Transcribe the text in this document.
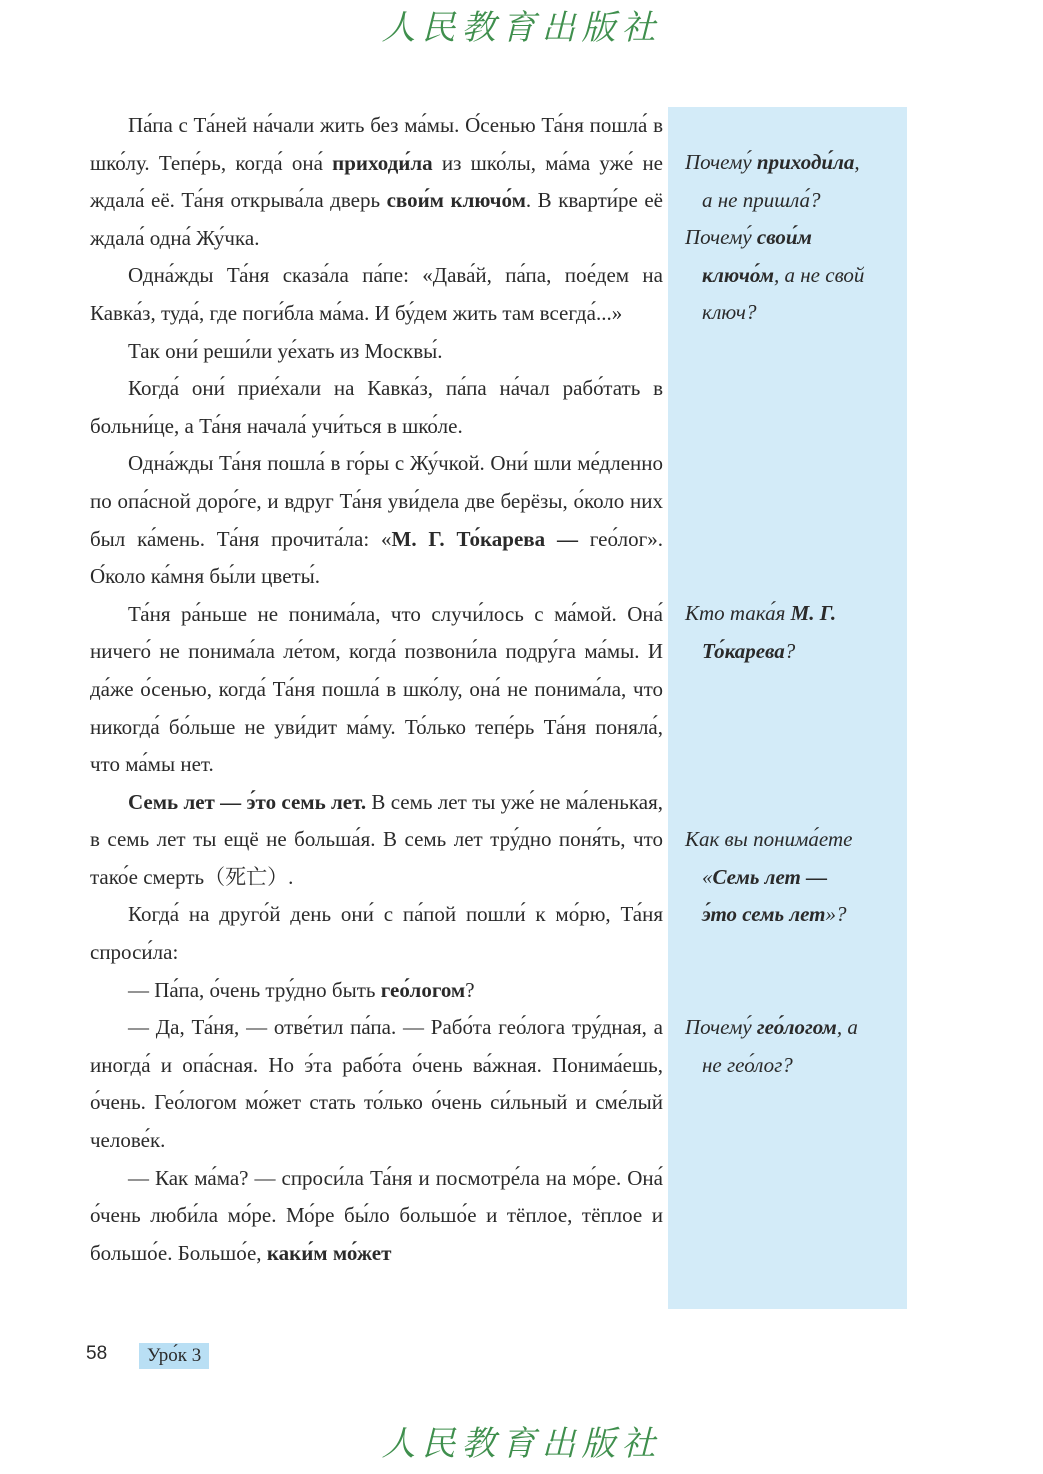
人民教育出版社

Па́па с Та́ней на́чали жить без ма́мы. О́сенью Та́ня пошла́ в шко́лу. Тепе́рь, когда́ она́ приходи́ла из шко́лы, ма́ма уже́ не ждала́ её. Та́ня открыва́ла дверь свои́м ключо́м. В кварти́ре её ждала́ одна́ Жу́чка.

Одна́жды Та́ня сказа́ла па́пе: «Дава́й, па́па, пое́дем на Кавка́з, туда́, где поги́бла ма́ма. И бу́дем жить там всегда́...»

Так они́ реши́ли уе́хать из Москвы́.

Когда́ они́ прие́хали на Кавка́з, па́па на́чал рабо́тать в больни́це, а Та́ня начала́ учи́ться в шко́ле.

Одна́жды Та́ня пошла́ в го́ры с Жу́чкой. Они́ шли ме́дленно по опа́сной доро́ге, и вдруг Та́ня уви́дела две берёзы, о́коло них был ка́мень. Та́ня прочита́ла: «М. Г. То́карева — гео́лог». О́коло ка́мня бы́ли цветы́.

Та́ня ра́ньше не понима́ла, что случи́лось с ма́мой. Она́ ничего́ не понима́ла ле́том, когда́ позвони́ла подру́га ма́мы. И да́же о́сенью, когда́ Та́ня пошла́ в шко́лу, она́ не понима́ла, что никогда́ бо́льше не уви́дит ма́му. То́лько тепе́рь Та́ня поняла́, что ма́мы нет.

Семь лет — э́то семь лет. В семь лет ты уже́ не ма́ленькая, в семь лет ты ещё не больша́я. В семь лет тру́дно поня́ть, что тако́е смерть（死亡）.

Когда́ на друго́й день они́ с па́пой пошли́ к мо́рю, Та́ня спроси́ла:

— Па́па, о́чень тру́дно быть гео́логом?

— Да, Та́ня, — отве́тил па́па. — Рабо́та гео́лога тру́дная, а иногда́ и опа́сная. Но э́та рабо́та о́чень ва́жная. Понима́ешь, о́чень. Гео́логом мо́жет стать то́лько о́чень си́льный и сме́лый челове́к.

— Как ма́ма? — спроси́ла Та́ня и посмотре́ла на мо́ре. Она́ о́чень люби́ла мо́ре. Мо́ре бы́ло большо́е и тёплое, тёплое и большо́е. Большо́е, каки́м мо́жет

Почему́ приходи́ла,
а не пришла́?
Почему́ свои́м
ключо́м, а не свой
ключ?
Кто така́я М. Г.
То́карева?
Как вы понима́ете
«Семь лет —
э́то семь лет»?
Почему́ гео́логом, а
не гео́лог?
58	Уро́к 3
人民教育出版社
